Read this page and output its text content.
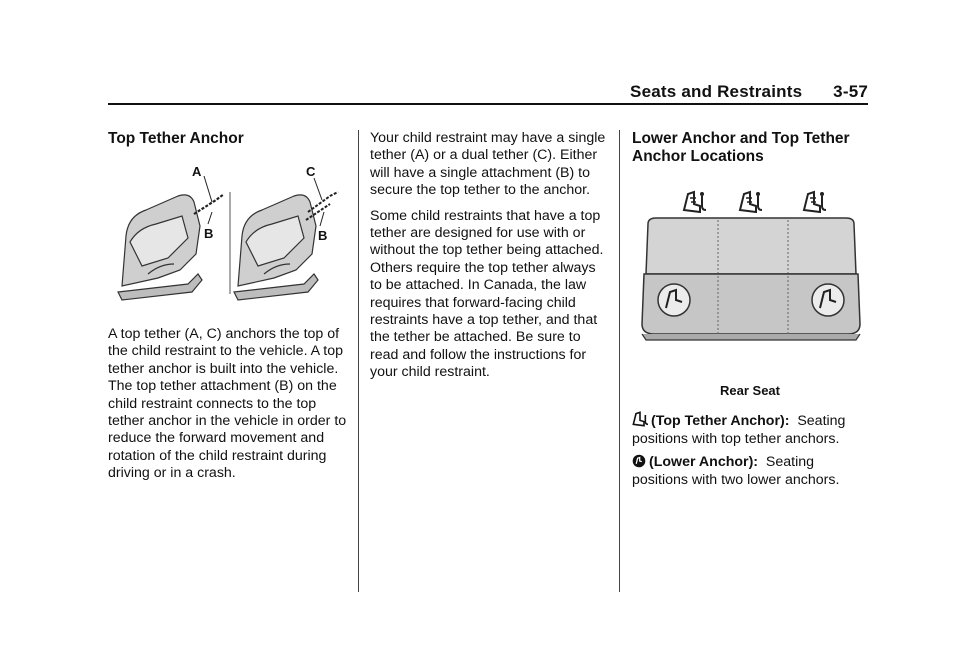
Seats and Restraints 3-57
Top Tether Anchor
A
B
C
B

A top tether (A, C) anchors the top of the child restraint to the vehicle. A top tether anchor is built into the vehicle. The top tether attachment (B) on the child restraint connects to the top tether anchor in the vehicle in order to reduce the forward movement and rotation of the child restraint during driving or in a crash.

Your child restraint may have a single tether (A) or a dual tether (C). Either will have a single attachment (B) to secure the top tether to the anchor.

Some child restraints that have a top tether are designed for use with or without the top tether being attached. Others require the top tether always to be attached. In Canada, the law requires that forward-facing child restraints have a top tether, and that the tether be attached. Be sure to read and follow the instructions for your child restraint.

Lower Anchor and Top Tether Anchor Locations
Rear Seat

(Top Tether Anchor): Seating positions with top tether anchors.

(Lower Anchor): Seating positions with two lower anchors.
